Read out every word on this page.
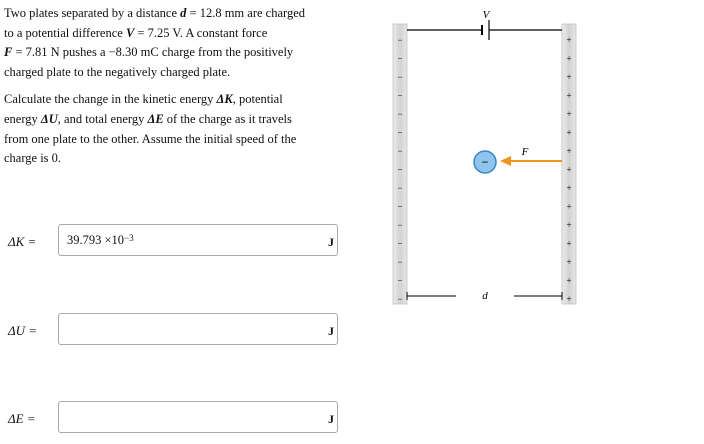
Two plates separated by a distance d = 12.8 mm are charged
to a potential difference V = 7.25 V. A constant force
F = 7.81 N pushes a −8.30 mC charge from the positively
charged plate to the negatively charged plate.

Calculate the change in the kinetic energy ΔK, potential
energy ΔU, and total energy ΔE of the charge as it travels
from one plate to the other. Assume the initial speed of the
charge is 0.

ΔK =	$39.793 \times 10^{-3}$	J
ΔU =	J
ΔE =	J
−
−
−
−
−
−
−
−
−
−
−
−
−
−
−
+
+
+
+
+
+
+
+
+
+
+
+
+
+
+
V
F
−
d
